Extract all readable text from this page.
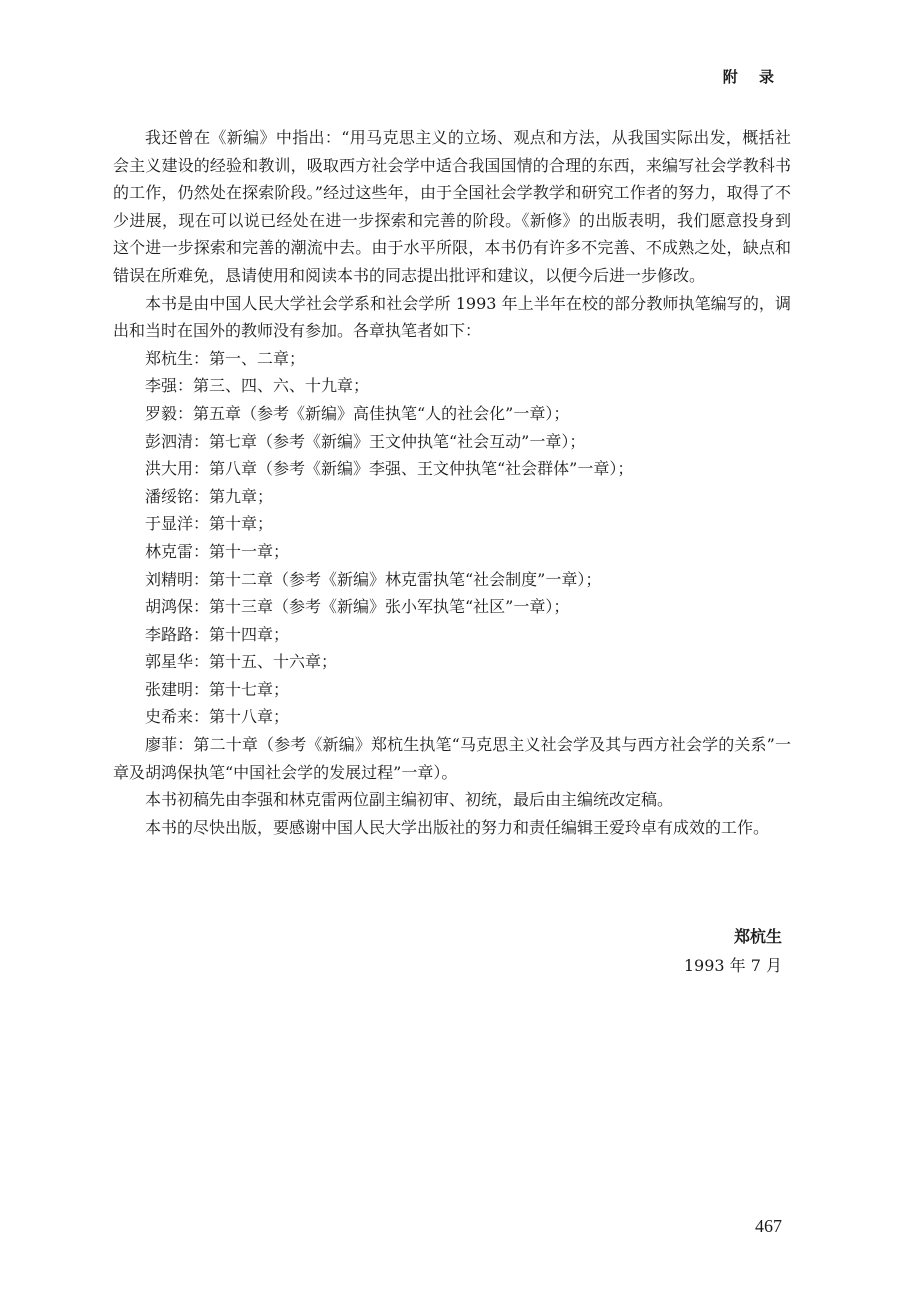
附 录

我还曾在《新编》中指出：“用马克思主义的立场、观点和方法，从我国实际出发，概括社会主义建设的经验和教训，吸取西方社会学中适合我国国情的合理的东西，来编写社会学教科书的工作，仍然处在探索阶段。”经过这些年，由于全国社会学教学和研究工作者的努力，取得了不少进展，现在可以说已经处在进一步探索和完善的阶段。《新修》的出版表明，我们愿意投身到这个进一步探索和完善的潮流中去。由于水平所限，本书仍有许多不完善、不成熟之处，缺点和错误在所难免，恳请使用和阅读本书的同志提出批评和建议，以便今后进一步修改。

本书是由中国人民大学社会学系和社会学所 1993 年上半年在校的部分教师执笔编写的，调出和当时在国外的教师没有参加。各章执笔者如下：

郑杭生：第一、二章；
李强：第三、四、六、十九章；
罗毅：第五章（参考《新编》高佳执笔“人的社会化”一章）；
彭泗清：第七章（参考《新编》王文仲执笔“社会互动”一章）；
洪大用：第八章（参考《新编》李强、王文仲执笔“社会群体”一章）；
潘绥铭：第九章；
于显洋：第十章；
林克雷：第十一章；
刘精明：第十二章（参考《新编》林克雷执笔“社会制度”一章）；
胡鸿保：第十三章（参考《新编》张小军执笔“社区”一章）；
李路路：第十四章；
郭星华：第十五、十六章；
张建明：第十七章；
史希来：第十八章；
廖菲：第二十章（参考《新编》郑杭生执笔“马克思主义社会学及其与西方社会学的关系”一章及胡鸿保执笔“中国社会学的发展过程”一章）。

本书初稿先由李强和林克雷两位副主编初审、初统，最后由主编统改定稿。

本书的尽快出版，要感谢中国人民大学出版社的努力和责任编辑王爱玲卓有成效的工作。

郑杭生
1993 年 7 月
467
